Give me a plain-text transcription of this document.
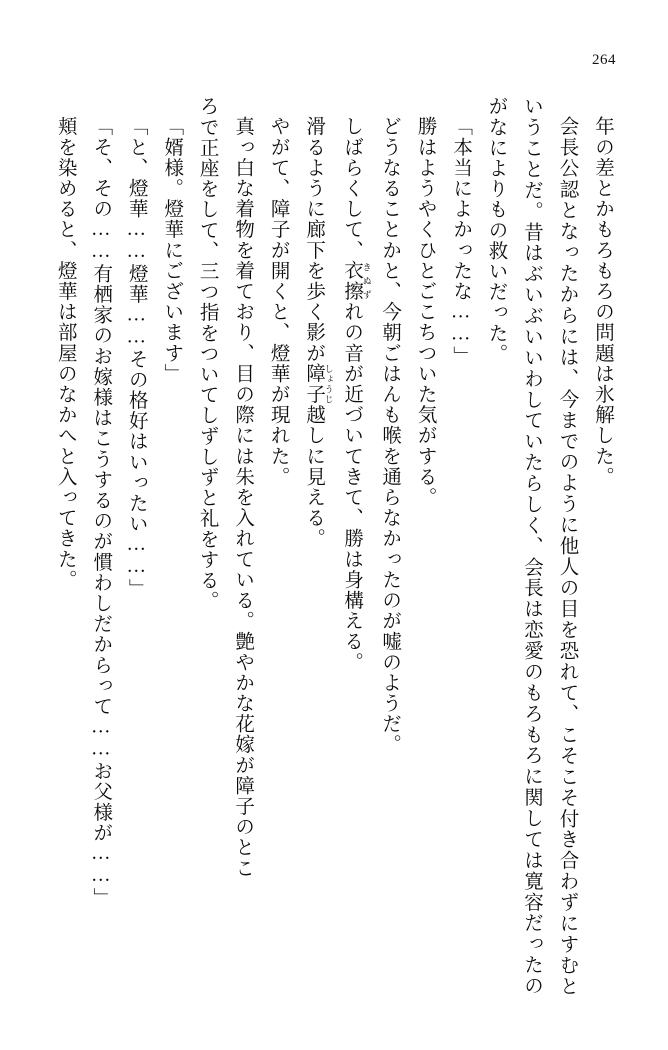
264

年の差とかもろもろの問題は氷解した。

会長公認となったからには、今までのように他人の目を恐れて、こそこそ付き合わずにすむということだ。昔はぶいぶいいわしていたらしく、会長は恋愛のもろもろに関しては寛容だったのがなによりもの救いだった。

「本当によかったな……」

勝はようやくひとごこちついた気がする。

どうなることかと、今朝ごはんも喉を通らなかったのが嘘のようだ。

しばらくして、衣擦 きぬずれの音が近づいてきて、勝は身構える。

滑るように廊下を歩く影が障子 しょうじ越しに見える。

やがて、障子が開くと、燈華が現れた。

真っ白な着物を着ており、目の際には朱を入れている。艶やかな花嫁が障子のとこ

ろで正座をして、三つ指をついてしずしずと礼をする。

「婿様。燈華にございます」

「と、燈華……燈華……その格好はいったい……」

「そ、その……有栖家のお嫁様はこうするのが慣わしだからって……お父様が……」

頬を染めると、燈華は部屋のなかへと入ってきた。
